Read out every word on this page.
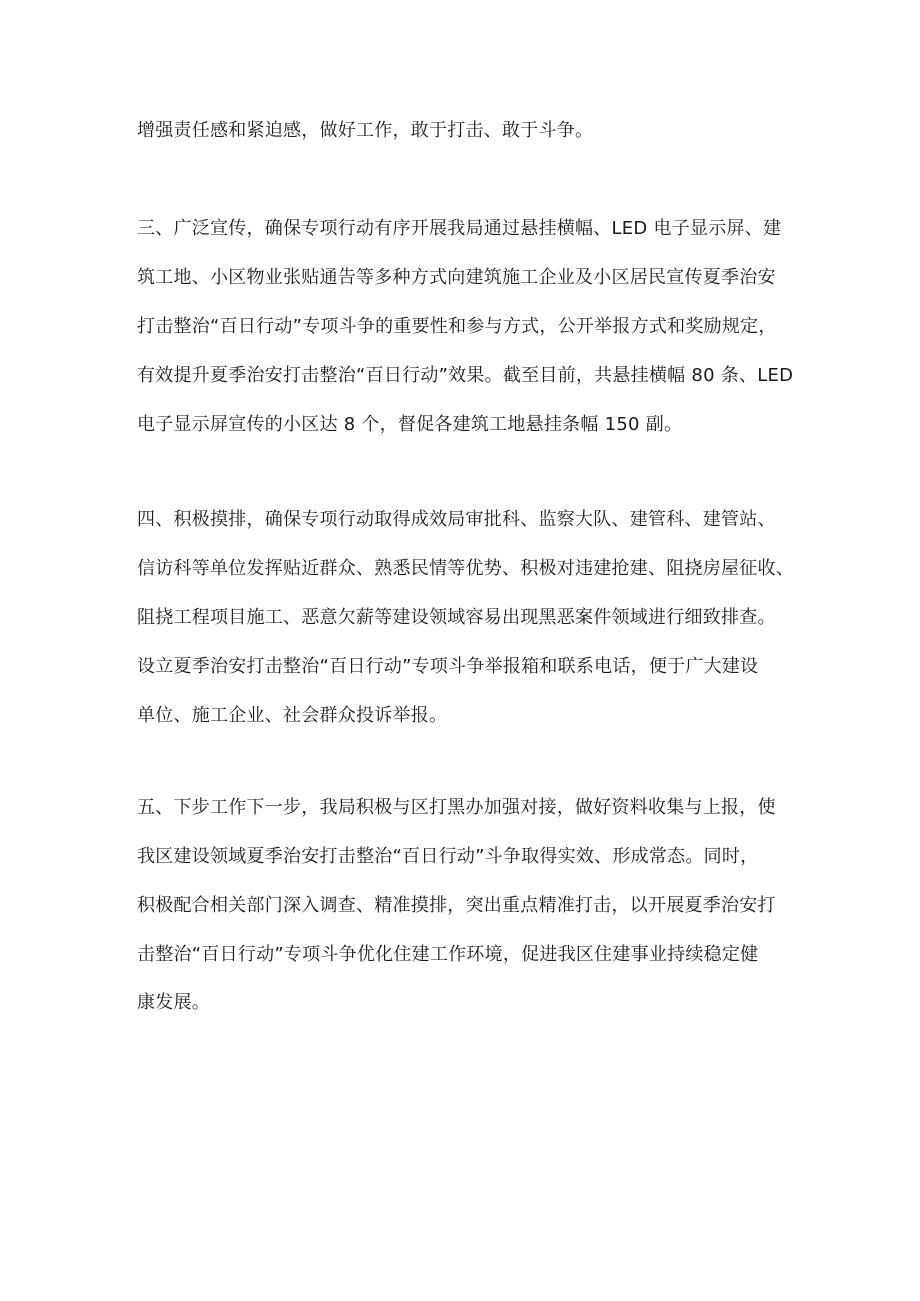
增强责任感和紧迫感，做好工作，敢于打击、敢于斗争。
三、广泛宣传，确保专项行动有序开展我局通过悬挂横幅、LED 电子显示屏、建
筑工地、小区物业张贴通告等多种方式向建筑施工企业及小区居民宣传夏季治安
打击整治“百日行动”专项斗争的重要性和参与方式，公开举报方式和奖励规定，
有效提升夏季治安打击整治“百日行动”效果。截至目前，共悬挂横幅 80 条、LED
电子显示屏宣传的小区达 8 个，督促各建筑工地悬挂条幅 150 副。
四、积极摸排，确保专项行动取得成效局审批科、监察大队、建管科、建管站、
信访科等单位发挥贴近群众、熟悉民情等优势、积极对违建抢建、阻挠房屋征收、
阻挠工程项目施工、恶意欠薪等建设领域容易出现黑恶案件领域进行细致排查。
设立夏季治安打击整治“百日行动”专项斗争举报箱和联系电话，便于广大建设
单位、施工企业、社会群众投诉举报。
五、下步工作下一步，我局积极与区打黑办加强对接，做好资料收集与上报，使
我区建设领域夏季治安打击整治“百日行动”斗争取得实效、形成常态。同时，
积极配合相关部门深入调查、精准摸排，突出重点精准打击，以开展夏季治安打
击整治“百日行动”专项斗争优化住建工作环境，促进我区住建事业持续稳定健
康发展。
